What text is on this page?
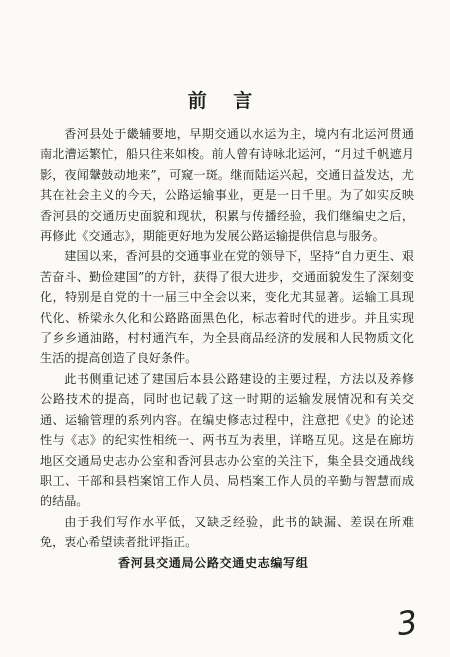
前 言

香河县处于畿辅要地，早期交通以水运为主，境内有北运河贯通南北漕运繁忙，船只往来如梭。前人曾有诗咏北运河，“月过千帆遮月影，夜闻鞶鼓动地来”，可窥一斑。继而陆运兴起，交通日益发达，尤其在社会主义的今天，公路运输事业，更是一日千里。为了如实反映香河县的交通历史面貌和现状，积累与传播经验，我们继编史之后，再修此《交通志》，期能更好地为发展公路运输提供信息与服务。

建国以来，香河县的交通事业在党的领导下，坚持“自力更生、艰苦奋斗、勤俭建国”的方针，获得了很大进步，交通面貌发生了深刻变化，特别是自党的十一届三中全会以来，变化尤其显著。运输工具现代化、桥梁永久化和公路路面黑色化，标志着时代的进步。并且实现了乡乡通油路，村村通汽车，为全县商品经济的发展和人民物质文化生活的提高创造了良好条件。

此书侧重记述了建国后本县公路建设的主要过程，方法以及养修公路技术的提高，同时也记载了这一时期的运输发展情况和有关交通、运输管理的系列内容。在编史修志过程中，注意把《史》的论述性与《志》的纪实性相统一、两书互为表里，详略互见。这是在廊坊地区交通局史志办公室和香河县志办公室的关注下，集全县交通战线职工、干部和县档案馆工作人员、局档案工作人员的辛勤与智慧而成的结晶。

由于我们写作水平低，又缺乏经验，此书的缺漏、差误在所难免，衷心希望读者批评指正。

香河县交通局公路交通史志编写组

3
